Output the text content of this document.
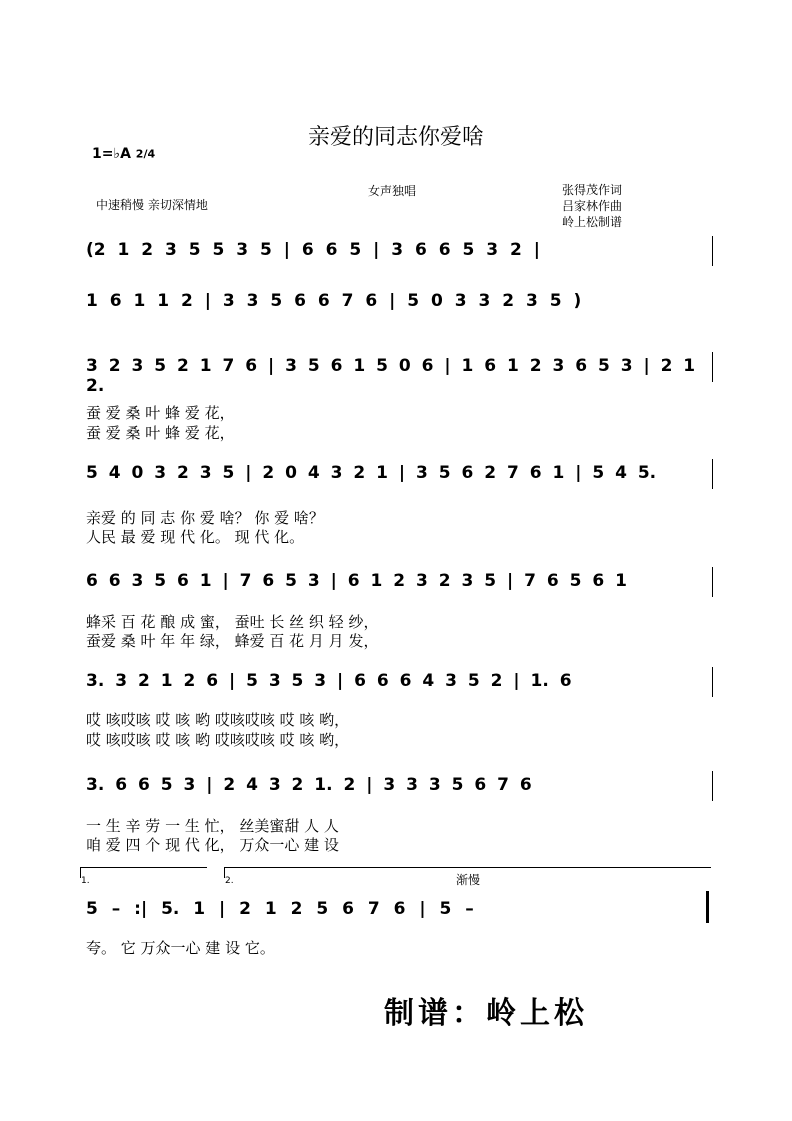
亲爱的同志你爱啥
1=♭A 2/4
女声独唱
中速稍慢 亲切深情地
张得茂作词
吕家林作曲
岭上松制谱
(2 1 2 3 5 5 3 5 | 6 6 5 | 3 6 6 5 3 2 |
1 6 1 1 2 | 3 3 5 6 6 7 6 | 5 0 3 3 2 3 5 )
3 2 3 5 2 1 7 6 | 3 5 6 1 5 0 6 | 1 6 1 2 3 6 5 3 | 2 1 2.
蚕 爱 桑 叶 蜂 爱 花，
蚕 爱 桑 叶 蜂 爱 花，
5 4 0 3 2 3 5 | 2 0 4 3 2 1 | 3 5 6 2 7 6 1 | 5 4 5.
亲爱 的 同 志 你 爱 啥？ 你 爱 啥？
人民 最 爱 现 代 化。 现 代 化。
6 6 3 5 6 1 | 7 6 5 3 | 6 1 2 3 2 3 5 | 7 6 5 6 1
蜂采 百 花 酿 成 蜜， 蚕吐 长 丝 织 轻 纱，
蚕爱 桑 叶 年 年 绿， 蜂爱 百 花 月 月 发，
3. 3 2 1 2 6 | 5 3 5 3 | 6 6 6 4 3 5 2 | 1. 6
哎 咳哎咳 哎 咳 哟 哎咳哎咳 哎 咳 哟，
哎 咳哎咳 哎 咳 哟 哎咳哎咳 哎 咳 哟，
3. 6 6 5 3 | 2 4 3 2 1. 2 | 3 3 3 5 6 7 6
一 生 辛 劳 一 生 忙， 丝美蜜甜 人 人
咱 爱 四 个 现 代 化， 万众一心 建 设
1.	2.	渐慢
5 – :| 5. 1 | 2 1 2 5 6 7 6 | 5 –
夸。 它 万众一心 建 设 它。
制谱：岭上松
